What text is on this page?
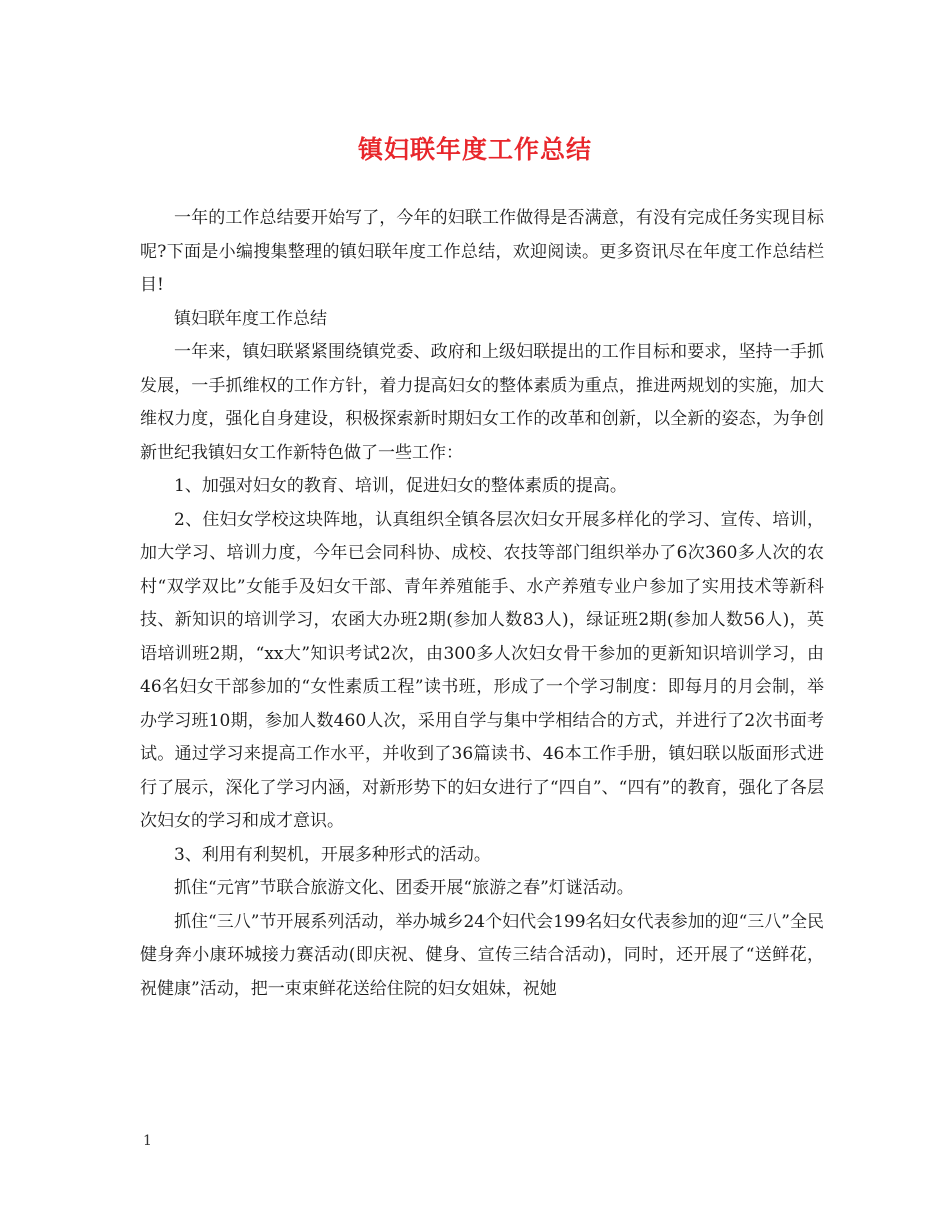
镇妇联年度工作总结

一年的工作总结要开始写了，今年的妇联工作做得是否满意，有没有完成任务实现目标呢?下面是小编搜集整理的镇妇联年度工作总结，欢迎阅读。更多资讯尽在年度工作总结栏目!

镇妇联年度工作总结

一年来，镇妇联紧紧围绕镇党委、政府和上级妇联提出的工作目标和要求，坚持一手抓发展，一手抓维权的工作方针，着力提高妇女的整体素质为重点，推进两规划的实施，加大维权力度，强化自身建设，积极探索新时期妇女工作的改革和创新，以全新的姿态，为争创新世纪我镇妇女工作新特色做了一些工作：

1、加强对妇女的教育、培训，促进妇女的整体素质的提高。

2、住妇女学校这块阵地，认真组织全镇各层次妇女开展多样化的学习、宣传、培训，加大学习、培训力度，今年已会同科协、成校、农技等部门组织举办了6次360多人次的农村“双学双比”女能手及妇女干部、青年养殖能手、水产养殖专业户参加了实用技术等新科技、新知识的培训学习，农函大办班2期(参加人数83人)，绿证班2期(参加人数56人)，英语培训班2期，“xx大”知识考试2次，由300多人次妇女骨干参加的更新知识培训学习，由46名妇女干部参加的“女性素质工程”读书班，形成了一个学习制度：即每月的月会制，举办学习班10期，参加人数460人次，采用自学与集中学相结合的方式，并进行了2次书面考试。通过学习来提高工作水平，并收到了36篇读书、46本工作手册，镇妇联以版面形式进行了展示，深化了学习内涵，对新形势下的妇女进行了“四自”、“四有”的教育，强化了各层次妇女的学习和成才意识。

3、利用有利契机，开展多种形式的活动。

抓住“元宵”节联合旅游文化、团委开展“旅游之春”灯谜活动。

抓住“三八”节开展系列活动，举办城乡24个妇代会199名妇女代表参加的迎“三八”全民健身奔小康环城接力赛活动(即庆祝、健身、宣传三结合活动)，同时，还开展了“送鲜花，祝健康”活动，把一束束鲜花送给住院的妇女姐妹，祝她

1
